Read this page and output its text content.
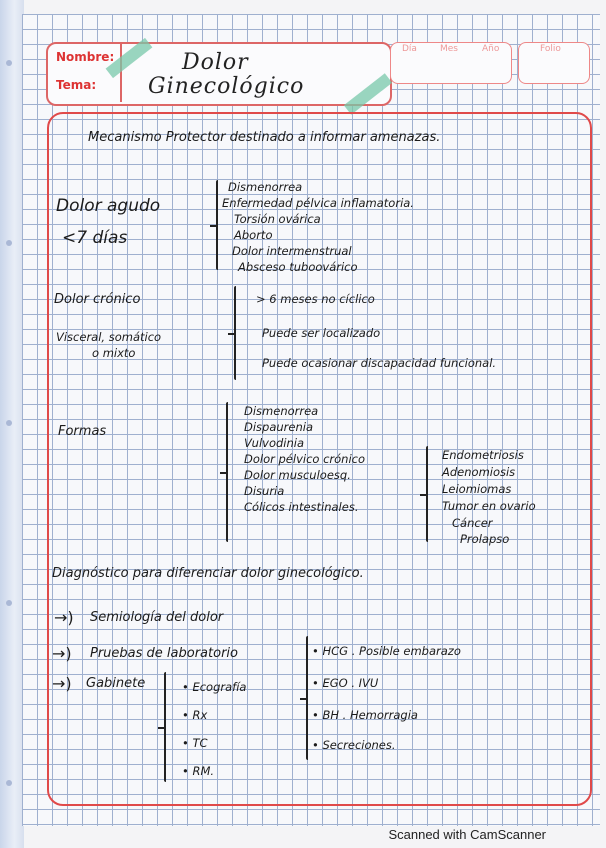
Nombre:
Tema:
Dolor
Ginecológico
Día	Mes	Año	Folio
Mecanismo Protector destinado a informar amenazas.
Dolor agudo
<7 días
Dismenorrea
Enfermedad pélvica inflamatoria.
Torsión ovárica
Aborto
Dolor intermenstrual
Absceso tuboovárico
Dolor crónico
Visceral, somático
o mixto
> 6 meses no cíclico
Puede ser localizado
Puede ocasionar discapacidad funcional.
Formas
Dismenorrea
Dispaurenia
Vulvodinia
Dolor pélvico crónico
Dolor musculoesq.
Disuria
Cólicos intestinales.
Endometriosis
Adenomiosis
Leiomiomas
Tumor en ovario
Cáncer
Prolapso
Diagnóstico para diferenciar dolor ginecológico.
→) Semiología del dolor
→) Pruebas de laboratorio
→) Gabinete	• Ecografía
• Rx
• TC
• RM.
• HCG . Posible embarazo
• EGO . IVU
• BH . Hemorragia
• Secreciones.
Scanned with CamScanner
